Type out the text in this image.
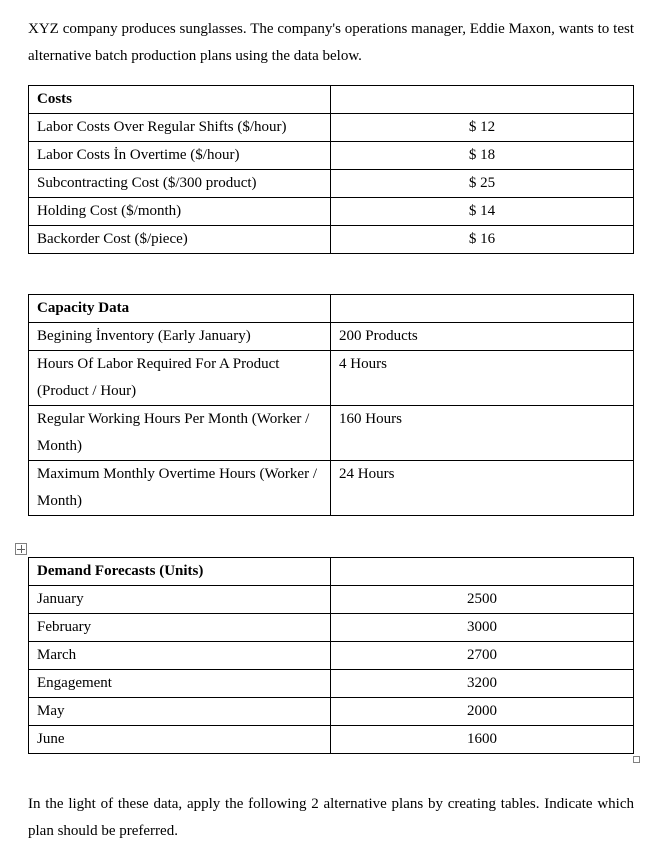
XYZ company produces sunglasses. The company's operations manager, Eddie Maxon, wants to test alternative batch production plans using the data below.

Costs	
Labor Costs Over Regular Shifts ($/hour)	$ 12
Labor Costs İn Overtime ($/hour)	$ 18
Subcontracting Cost ($/300 product)	$ 25
Holding Cost ($/month)	$ 14
Backorder Cost ($/piece)	$ 16
Capacity Data	
Begining İnventory (Early January)	200 Products
Hours Of Labor Required For A Product (Product / Hour)	4 Hours
Regular Working Hours Per Month (Worker / Month)	160 Hours
Maximum Monthly Overtime Hours (Worker / Month)	24 Hours
Demand Forecasts (Units)	
January	2500
February	3000
March	2700
Engagement	3200
May	2000
June	1600

In the light of these data, apply the following 2 alternative plans by creating tables. Indicate which plan should be preferred.
